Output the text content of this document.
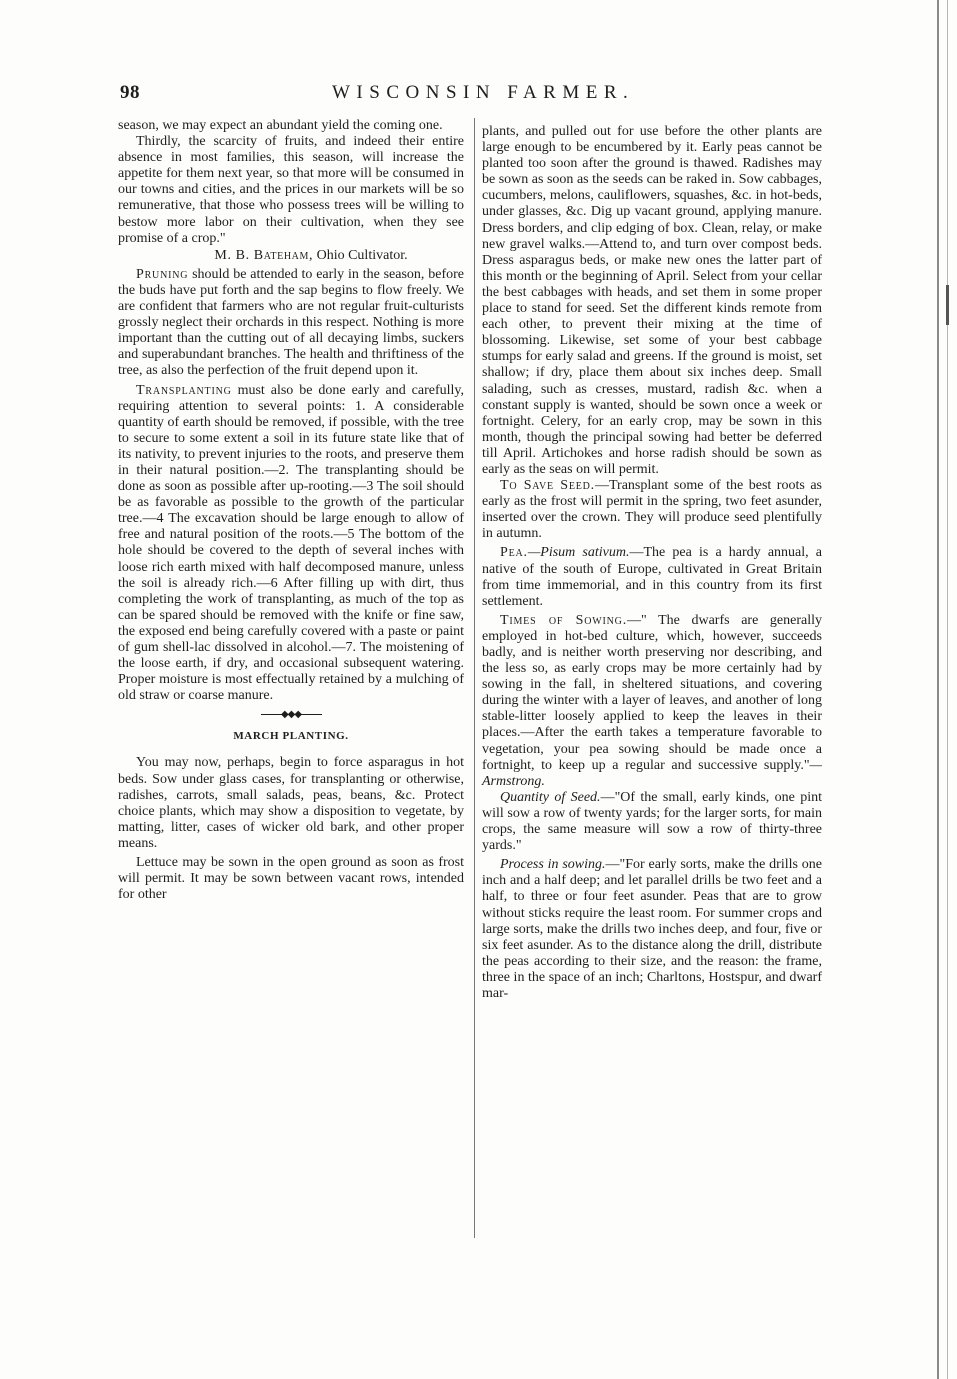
98	WISCONSIN FARMER.

season, we may expect an abundant yield the coming one.

Thirdly, the scarcity of fruits, and indeed their entire absence in most families, this season, will increase the appetite for them next year, so that more will be consumed in our towns and cities, and the prices in our markets will be so remunerative, that those who possess trees will be willing to bestow more labor on their cultivation, when they see promise of a crop."

M. B. Bateham, Ohio Cultivator.

Pruning should be attended to early in the season, before the buds have put forth and the sap begins to flow freely. We are confident that farmers who are not regular fruit-culturists grossly neglect their orchards in this respect. Nothing is more important than the cutting out of all decaying limbs, suckers and superabundant branches. The health and thriftiness of the tree, as also the perfection of the fruit depend upon it.

Transplanting must also be done early and carefully, requiring attention to several points: 1. A considerable quantity of earth should be removed, if possible, with the tree to secure to some extent a soil in its future state like that of its nativity, to prevent injuries to the roots, and preserve them in their natural position.—2. The transplanting should be done as soon as possible after up-rooting.—3 The soil should be as favorable as possible to the growth of the particular tree.—4 The excavation should be large enough to allow of free and natural position of the roots.—5 The bottom of the hole should be covered to the depth of several inches with loose rich earth mixed with half decomposed manure, unless the soil is already rich.—6 After filling up with dirt, thus completing the work of transplanting, as much of the top as can be spared should be removed with the knife or fine saw, the exposed end being carefully covered with a paste or paint of gum shell-lac dissolved in alcohol.—7. The moistening of the loose earth, if dry, and occasional subsequent watering. Proper moisture is most effectually retained by a mulching of old straw or coarse manure.

⎯⎯⎯⎯⎯◆◆◆⎯⎯⎯⎯⎯

MARCH PLANTING.

You may now, perhaps, begin to force asparagus in hot beds. Sow under glass cases, for transplanting or otherwise, radishes, carrots, small salads, peas, beans, &c. Protect choice plants, which may show a disposition to vegetate, by matting, litter, cases of wicker old bark, and other proper means.

Lettuce may be sown in the open ground as soon as frost will permit. It may be sown between vacant rows, intended for other

plants, and pulled out for use before the other plants are large enough to be encumbered by it. Early peas cannot be planted too soon after the ground is thawed. Radishes may be sown as soon as the seeds can be raked in. Sow cabbages, cucumbers, melons, cauliflowers, squashes, &c. in hot-beds, under glasses, &c. Dig up vacant ground, applying manure. Dress borders, and clip edging of box. Clean, relay, or make new gravel walks.—Attend to, and turn over compost beds. Dress asparagus beds, or make new ones the latter part of this month or the beginning of April. Select from your cellar the best cabbages with heads, and set them in some proper place to stand for seed. Set the different kinds remote from each other, to prevent their mixing at the time of blossoming. Likewise, set some of your best cabbage stumps for early salad and greens. If the ground is moist, set shallow; if dry, place them about six inches deep. Small salading, such as cresses, mustard, radish &c. when a constant supply is wanted, should be sown once a week or fortnight. Celery, for an early crop, may be sown in this month, though the principal sowing had better be deferred till April. Artichokes and horse radish should be sown as early as the seas on will permit.

To Save Seed.—Transplant some of the best roots as early as the frost will permit in the spring, two feet asunder, inserted over the crown. They will produce seed plentifully in autumn.

Pea.—Pisum sativum.—The pea is a hardy annual, a native of the south of Europe, cultivated in Great Britain from time immemorial, and in this country from its first settlement.

Times of Sowing.—" The dwarfs are generally employed in hot-bed culture, which, however, succeeds badly, and is neither worth preserving nor describing, and the less so, as early crops may be more certainly had by sowing in the fall, in sheltered situations, and covering during the winter with a layer of leaves, and another of long stable-litter loosely applied to keep the leaves in their places.—After the earth takes a temperature favorable to vegetation, your pea sowing should be made once a fortnight, to keep up a regular and successive supply."—Armstrong.

Quantity of Seed.—"Of the small, early kinds, one pint will sow a row of twenty yards; for the larger sorts, for main crops, the same measure will sow a row of thirty-three yards."

Process in sowing.—"For early sorts, make the drills one inch and a half deep; and let parallel drills be two feet and a half, to three or four feet asunder. Peas that are to grow without sticks require the least room. For summer crops and large sorts, make the drills two inches deep, and four, five or six feet asunder. As to the distance along the drill, distribute the peas according to their size, and the reason: the frame, three in the space of an inch; Charltons, Hostspur, and dwarf mar-
